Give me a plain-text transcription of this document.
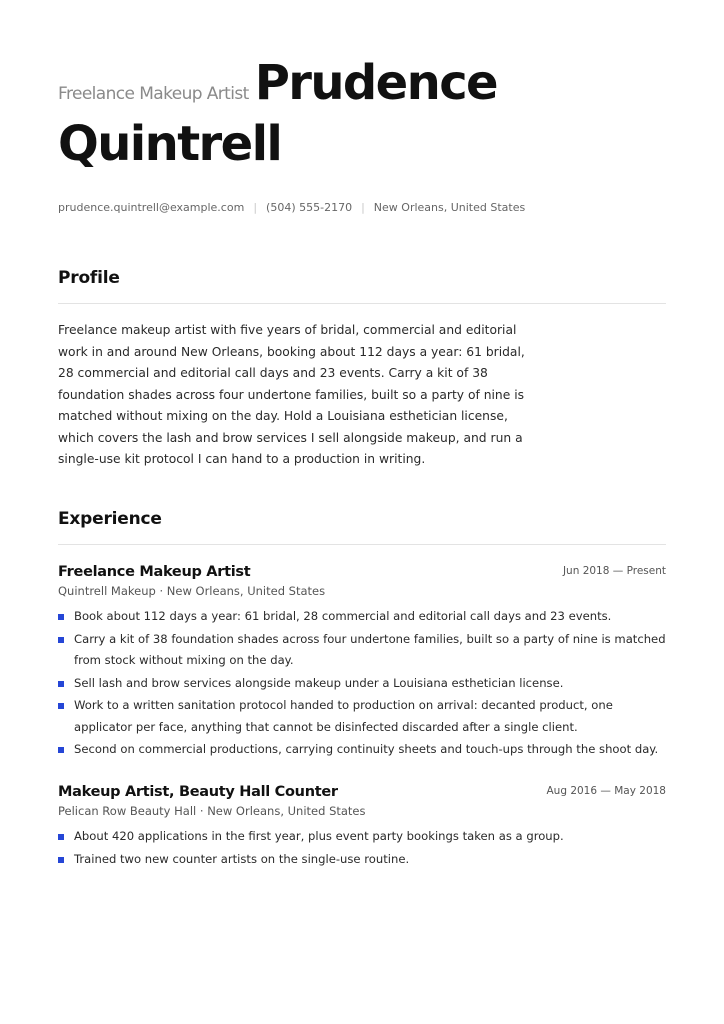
Freelance Makeup Artist Prudence
Quintrell
prudence.quintrell@example.com | (504) 555-2170 | New Orleans, United States
Profile
Freelance makeup artist with five years of bridal, commercial and editorial work in and around New Orleans, booking about 112 days a year: 61 bridal, 28 commercial and editorial call days and 23 events. Carry a kit of 38 foundation shades across four undertone families, built so a party of nine is matched without mixing on the day. Hold a Louisiana esthetician license, which covers the lash and brow services I sell alongside makeup, and run a single-use kit protocol I can hand to a production in writing.
Experience
Freelance Makeup Artist	Jun 2018 — Present
Quintrell Makeup · New Orleans, United States
Book about 112 days a year: 61 bridal, 28 commercial and editorial call days and 23 events.
Carry a kit of 38 foundation shades across four undertone families, built so a party of nine is matched from stock without mixing on the day.
Sell lash and brow services alongside makeup under a Louisiana esthetician license.
Work to a written sanitation protocol handed to production on arrival: decanted product, one applicator per face, anything that cannot be disinfected discarded after a single client.
Second on commercial productions, carrying continuity sheets and touch-ups through the shoot day.
Makeup Artist, Beauty Hall Counter	Aug 2016 — May 2018
Pelican Row Beauty Hall · New Orleans, United States
About 420 applications in the first year, plus event party bookings taken as a group.
Trained two new counter artists on the single-use routine.
